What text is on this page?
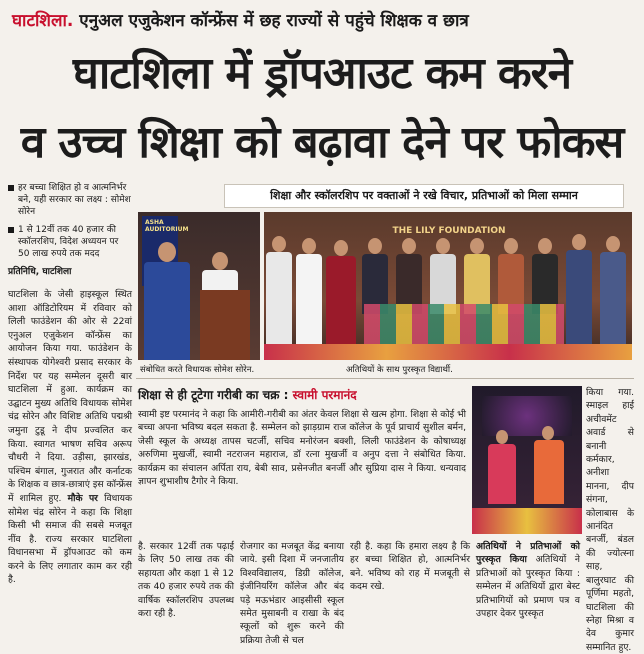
घाटशिला. एनुअल एजुकेशन कॉन्फ्रेंस में छह राज्यों से पहुंचे शिक्षक व छात्र
घाटशिला में ड्रॉपआउट कम करने
व उच्च शिक्षा को बढ़ावा देने पर फोकस
हर बच्चा शिक्षित हो व आत्मनिर्भर बने, यही सरकार का लक्ष्य : सोमेश सोरेन
1 से 12वीं तक 40 हजार की स्कॉलरशिप, विदेश अध्ययन पर 50 लाख रुपये तक मदद
प्रतिनिधि, घाटशिला
घाटशिला के जेसी हाइस्कूल स्थित आशा ऑडिटोरियम में रविवार को लिली फाउंडेशन की ओर से 22वां एनुअल एजुकेशन कॉन्फ्रेंस का आयोजन किया गया. फाउंडेशन के संस्थापक योगेश्वरी प्रसाद सरकार के निर्देश पर यह सम्मेलन दूसरी बार घाटशिला में हुआ. कार्यक्रम का उद्घाटन मुख्य अतिथि विधायक सोमेश चंद्र सोरेन और विशिष्ट अतिथि पद्मश्री जमुना टुडू ने दीप प्रज्वलित कर किया. स्वागत भाषण सचिव अरूप चौधरी ने दिया. उड़ीसा, झारखंड, पश्चिम बंगाल, गुजरात और कर्नाटक के शिक्षक व छात्र-छात्राएं इस कॉन्फ्रेंस में शामिल हुए. मौके पर विधायक सोमेश चंद्र सोरेन ने कहा कि शिक्षा किसी भी समाज की सबसे मजबूत नींव है. राज्य सरकार घाटशिला विधानसभा में ड्रॉपआउट को कम करने के लिए लगातार काम कर रही है.
शिक्षा और स्कॉलरशिप पर वक्ताओं ने रखे विचार, प्रतिभाओं को मिला सम्मान
ASHA AUDITORIUM	THE LILY FOUNDATION
संबोधित करते विधायक सोमेश सोरेन.	अतिथियों के साथ पुरस्कृत विद्यार्थी.
शिक्षा से ही टूटेगा गरीबी का चक्र : स्वामी परमानंद
स्वामी इष्ट परमानंद ने कहा कि आमीरी-गरीबी का अंतर केवल शिक्षा से खत्म होगा. शिक्षा से कोई भी बच्चा अपना भविष्य बदल सकता है. सम्मेलन को झाड़ग्राम राज कॉलेज के पूर्व प्राचार्य सुशील बर्मन, जेसी स्कूल के अध्यक्ष तापस चटर्जी, सचिव मनोरंजन बक्शी, लिली फाउंडेशन के कोषाध्यक्ष अरुणिमा मुखर्जी, स्वामी नटराजन महाराज, डॉ रत्ना मुखर्जी व अनुप दत्ता ने संबोधित किया. कार्यक्रम का संचालन अर्पिता राय, बेबी साव, प्रसेनजीत बनर्जी और सुप्रिया दास ने किया. धन्यवाद ज्ञापन शुभाशीष टैगोर ने किया.
किया गया. स्माइल हाई अचीवमेंट अवार्ड से बनानी कर्मकार, अनीशा मानना, दीप संगना, कोलाबास के आनंदित बनर्जी, बंडल की ज्योत्स्ना साह, बालुरघाट की पूर्णिमा महतो, घाटशिला की स्नेहा मिश्रा व देव कुमार सम्मानित हुए.
है. सरकार 12वीं तक पढ़ाई के लिए 50 लाख तक की सहायता और कक्षा 1 से 12 तक 40 हजार रुपये तक की वार्षिक स्कॉलरशिप उपलब्ध करा रही है.
रोजगार का मजबूत केंद्र बनाया जाये. इसी दिशा में जनजातीय विश्वविद्यालय, डिग्री कॉलेज, इंजीनियरिंग कॉलेज और बंद पड़े मऊभंडार आइसीसी स्कूल समेत मुसाबनी व राखा के बंद स्कूलों को शुरू करने की प्रक्रिया तेजी से चल
रही है. कहा कि हमारा लक्ष्य है कि हर बच्चा शिक्षित हो, आत्मनिर्भर बने. भविष्य को राह में मजबूती से कदम रखे.
अतिथियों ने प्रतिभाओं को पुरस्कृत किया अतिथियों ने प्रतिभाओं को पुरस्कृत किया : सम्मेलन में अतिथियों द्वारा बेस्ट प्रतिभागियों को प्रमाण पत्र व उपहार देकर पुरस्कृत
